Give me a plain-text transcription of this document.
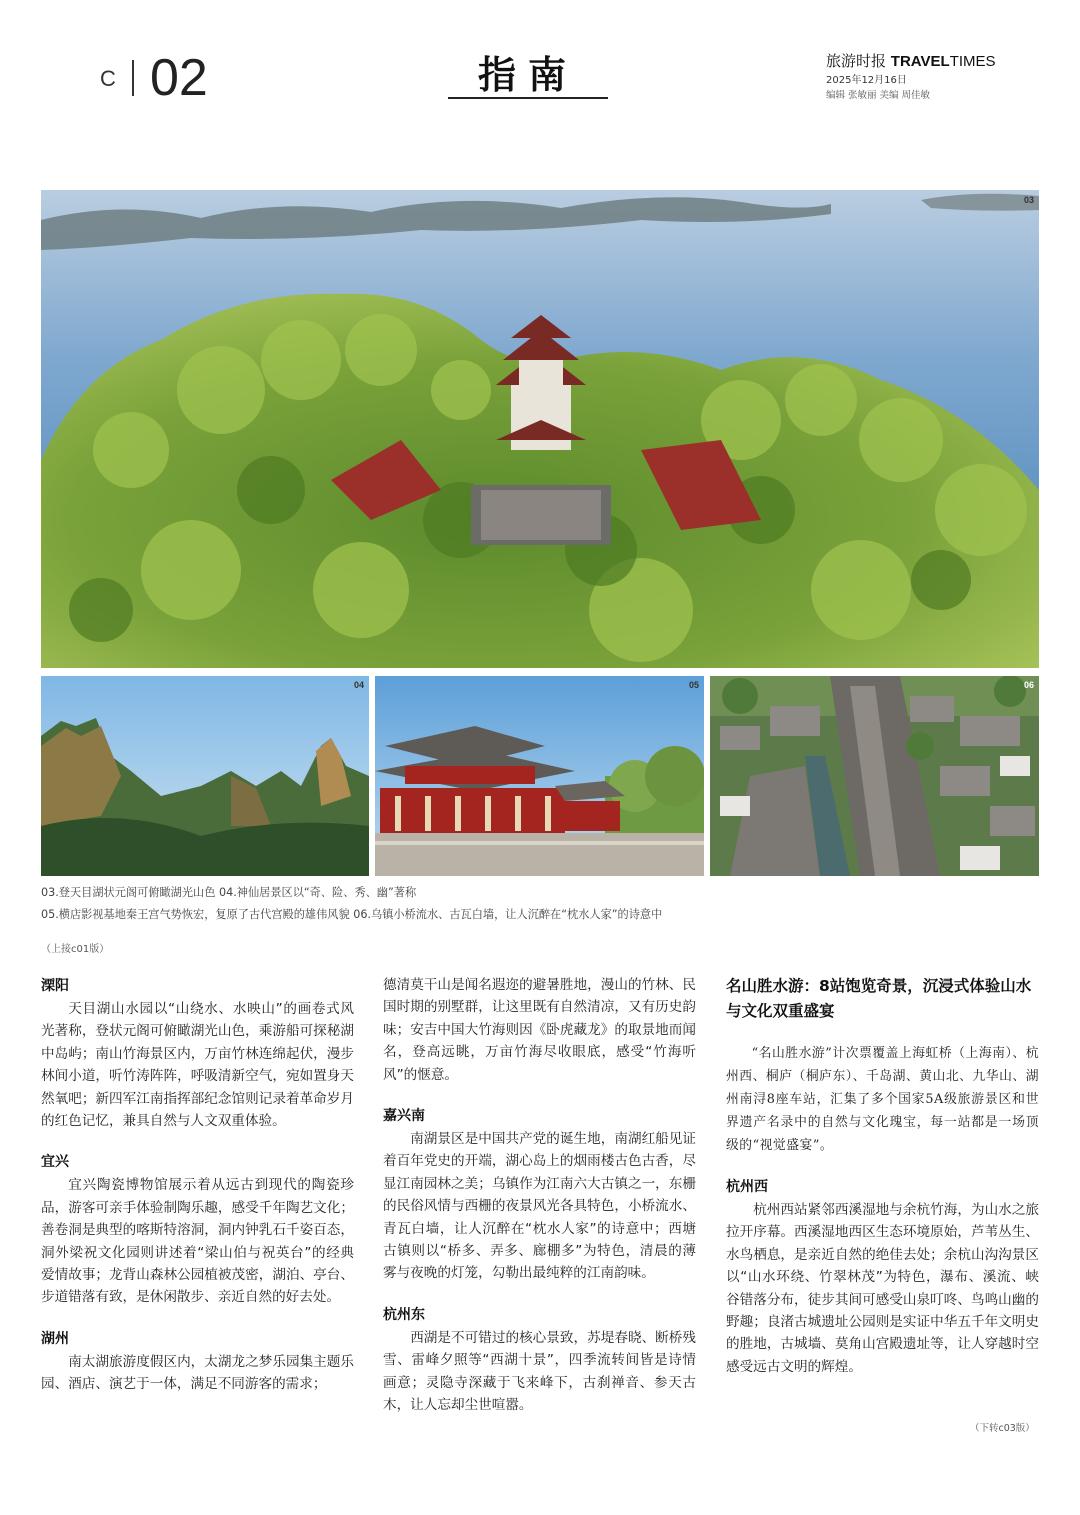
C 02	指南	旅游时报 TRAVELTIMES
2025年12月16日
编辑 张敏丽 美编 周佳敏
03
04	05	06
03.登天目湖状元阁可俯瞰湖光山色 04.神仙居景区以“奇、险、秀、幽”著称
05.横店影视基地秦王宫气势恢宏，复原了古代宫殿的雄伟风貌 06.乌镇小桥流水、古瓦白墙，让人沉醉在“枕水人家”的诗意中
（上接c01版）
溧阳

天目湖山水园以“山绕水、水映山”的画卷式风光著称，登状元阁可俯瞰湖光山色，乘游船可探秘湖中岛屿；南山竹海景区内，万亩竹林连绵起伏，漫步林间小道，听竹涛阵阵，呼吸清新空气，宛如置身天然氧吧；新四军江南指挥部纪念馆则记录着革命岁月的红色记忆，兼具自然与人文双重体验。

宜兴

宜兴陶瓷博物馆展示着从远古到现代的陶瓷珍品，游客可亲手体验制陶乐趣，感受千年陶艺文化；善卷洞是典型的喀斯特溶洞，洞内钟乳石千姿百态，洞外梁祝文化园则讲述着“梁山伯与祝英台”的经典爱情故事；龙背山森林公园植被茂密，湖泊、亭台、步道错落有致，是休闲散步、亲近自然的好去处。

湖州

南太湖旅游度假区内，太湖龙之梦乐园集主题乐园、酒店、演艺于一体，满足不同游客的需求；

德清莫干山是闻名遐迩的避暑胜地，漫山的竹林、民国时期的别墅群，让这里既有自然清凉，又有历史韵味；安吉中国大竹海则因《卧虎藏龙》的取景地而闻名，登高远眺，万亩竹海尽收眼底，感受“竹海听风”的惬意。

嘉兴南

南湖景区是中国共产党的诞生地，南湖红船见证着百年党史的开端，湖心岛上的烟雨楼古色古香，尽显江南园林之美；乌镇作为江南六大古镇之一，东栅的民俗风情与西栅的夜景风光各具特色，小桥流水、青瓦白墙，让人沉醉在“枕水人家”的诗意中；西塘古镇则以“桥多、弄多、廊棚多”为特色，清晨的薄雾与夜晚的灯笼，勾勒出最纯粹的江南韵味。

杭州东

西湖是不可错过的核心景致，苏堤春晓、断桥残雪、雷峰夕照等“西湖十景”，四季流转间皆是诗情画意；灵隐寺深藏于飞来峰下，古刹禅音、参天古木，让人忘却尘世喧嚣。

名山胜水游：8站饱览奇景，沉浸式体验山水与文化双重盛宴

“名山胜水游”计次票覆盖上海虹桥（上海南）、杭州西、桐庐（桐庐东）、千岛湖、黄山北、九华山、湖州南浔8座车站，汇集了多个国家5A级旅游景区和世界遗产名录中的自然与文化瑰宝，每一站都是一场顶级的“视觉盛宴”。

杭州西

杭州西站紧邻西溪湿地与余杭竹海，为山水之旅拉开序幕。西溪湿地西区生态环境原始，芦苇丛生、水鸟栖息，是亲近自然的绝佳去处；余杭山沟沟景区以“山水环绕、竹翠林茂”为特色，瀑布、溪流、峡谷错落分布，徒步其间可感受山泉叮咚、鸟鸣山幽的野趣；良渚古城遗址公园则是实证中华五千年文明史的胜地，古城墙、莫角山宫殿遗址等，让人穿越时空感受远古文明的辉煌。

（下转c03版）
